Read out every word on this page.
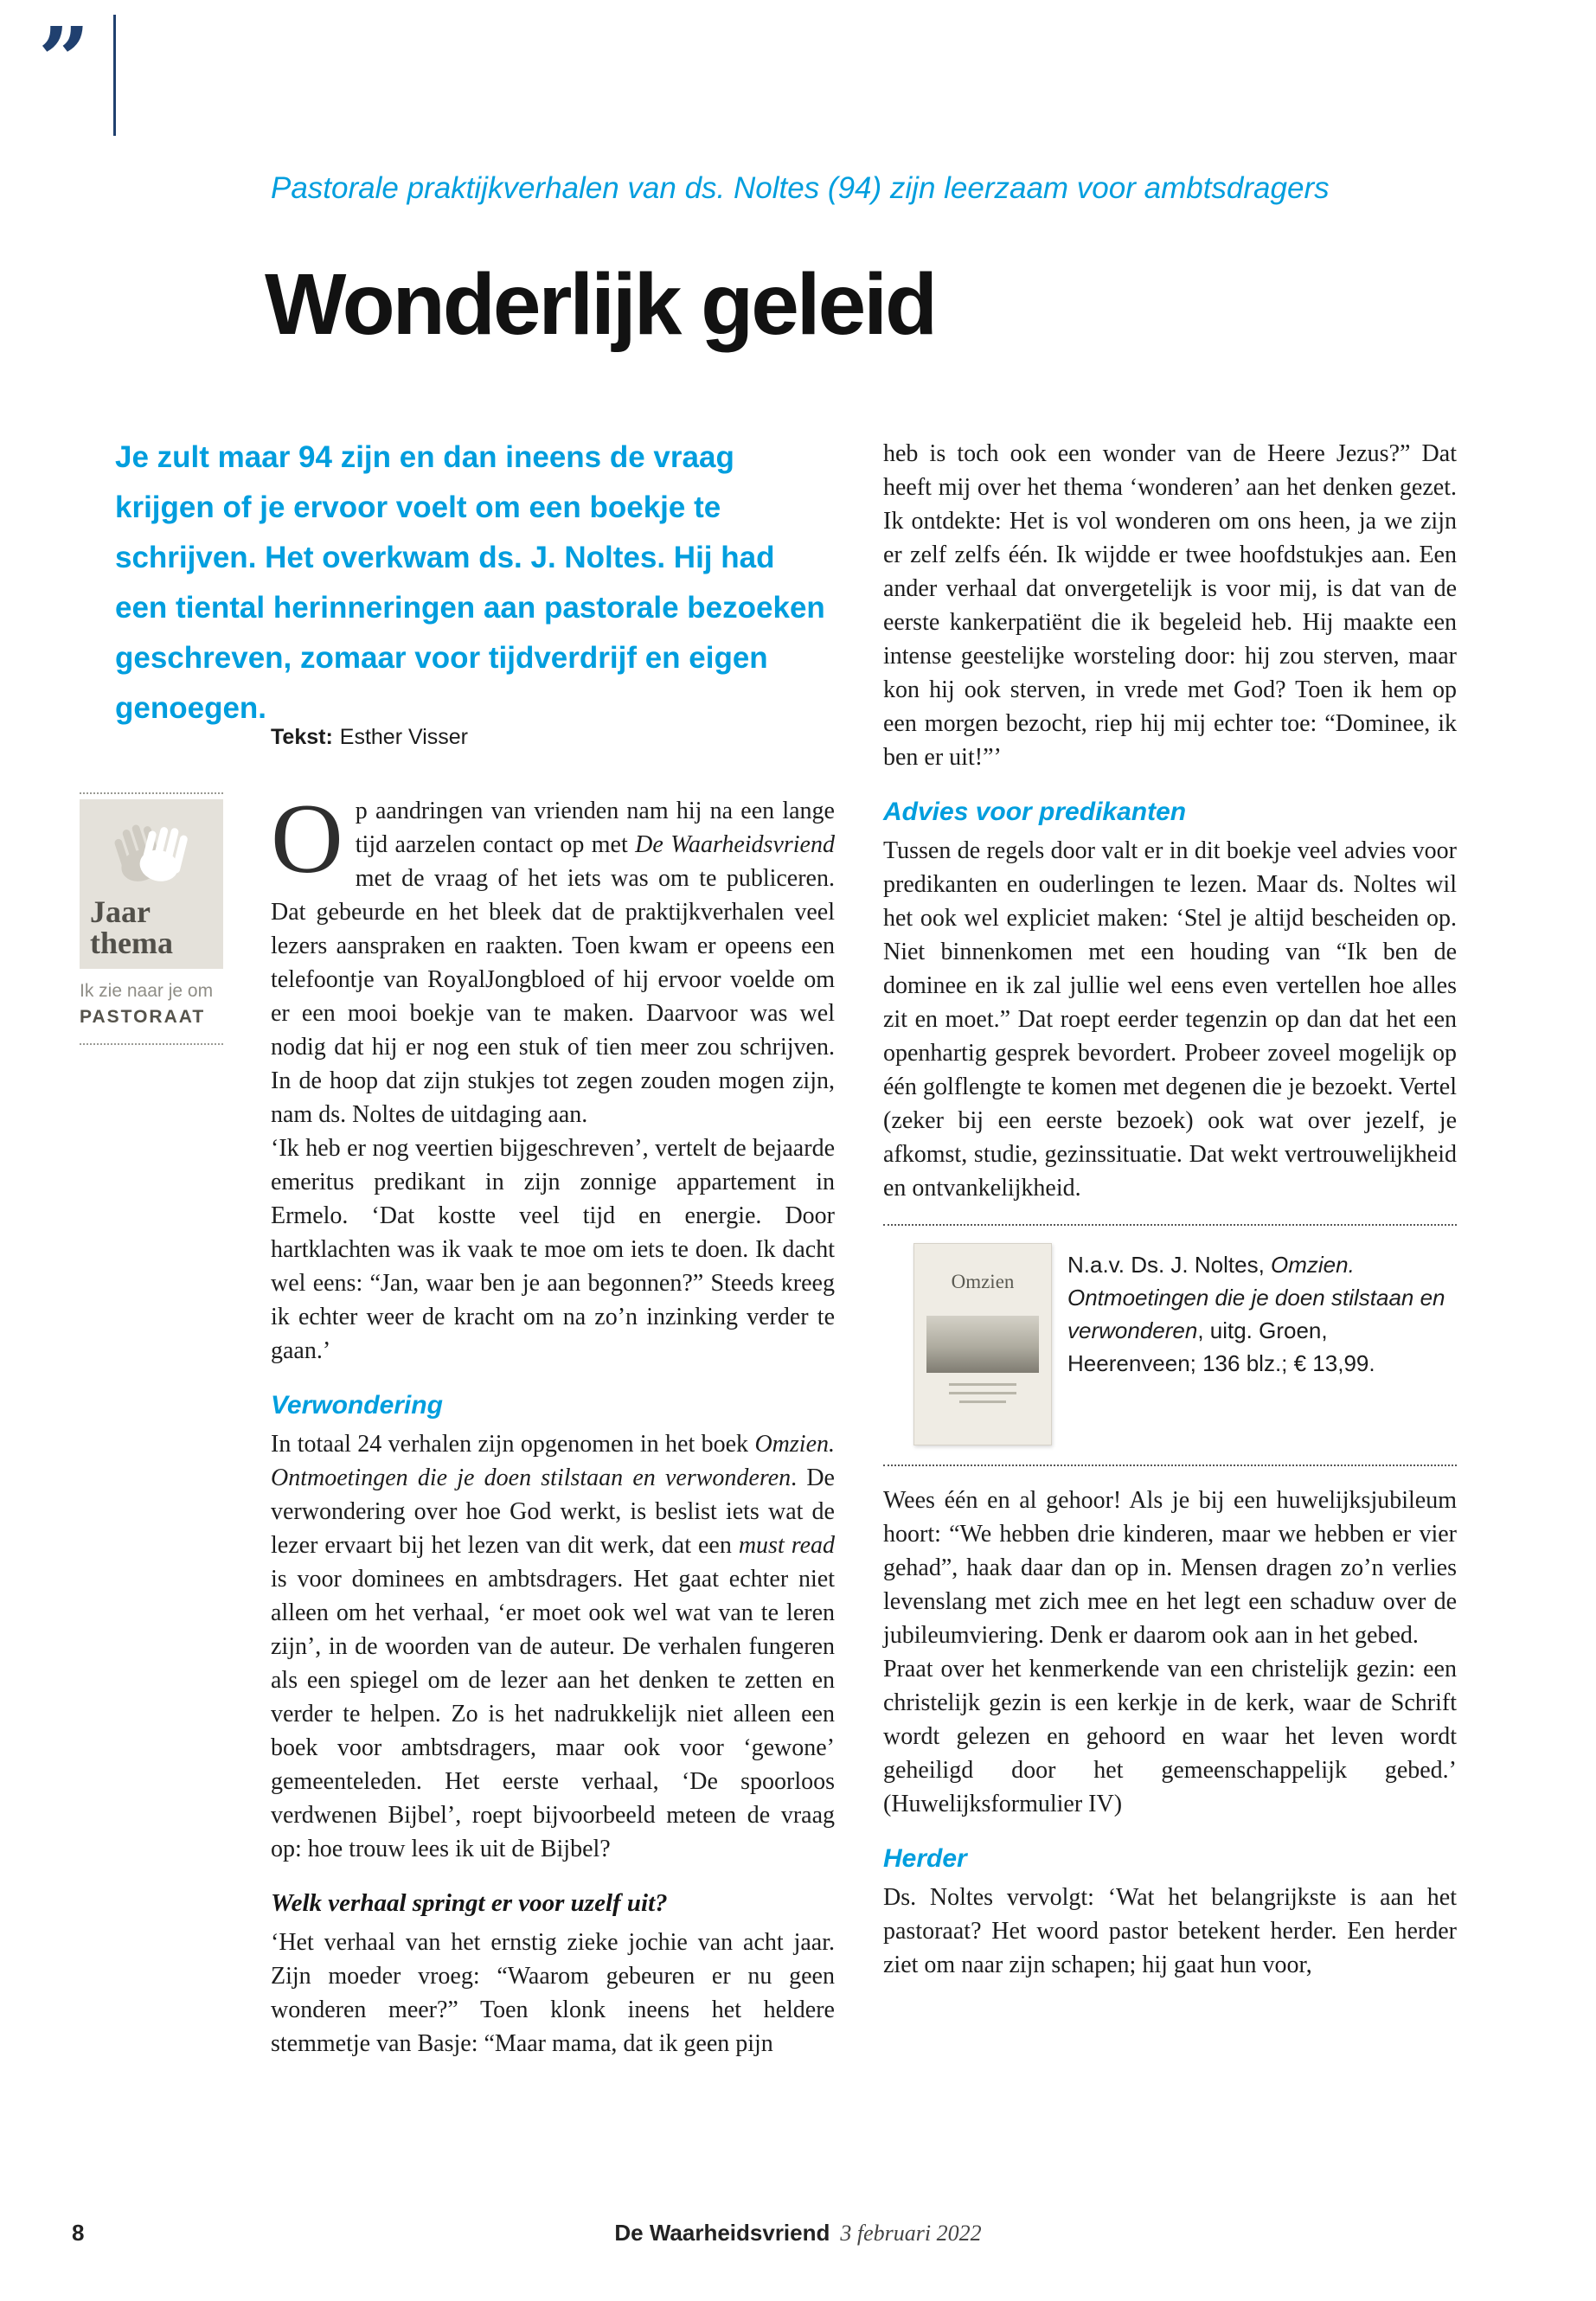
”
Pastorale praktijkverhalen van ds. Noltes (94) zijn leerzaam voor ambtsdragers
Wonderlijk geleid

Je zult maar 94 zijn en dan ineens de vraag krijgen of je ervoor voelt om een boekje te schrijven. Het overkwam ds. J. Noltes. Hij had een tiental herinneringen aan pastorale bezoeken geschreven, zomaar voor tijdverdrijf en eigen genoegen.

Tekst: Esther Visser

Jaar
thema
Ik zie naar je om
PASTORAAT

Op aandringen van vrienden nam hij na een lange tijd aarzelen contact op met De Waarheidsvriend met de vraag of het iets was om te publiceren. Dat gebeurde en het bleek dat de praktijkverhalen veel lezers aanspraken en raakten. Toen kwam er opeens een telefoontje van RoyalJongbloed of hij ervoor voelde om er een mooi boekje van te maken. Daarvoor was wel nodig dat hij er nog een stuk of tien meer zou schrijven. In de hoop dat zijn stukjes tot zegen zouden mogen zijn, nam ds. Noltes de uitdaging aan.

‘Ik heb er nog veertien bijgeschreven’, vertelt de bejaarde emeritus predikant in zijn zonnige appartement in Ermelo. ‘Dat kostte veel tijd en energie. Door hartklachten was ik vaak te moe om iets te doen. Ik dacht wel eens: “Jan, waar ben je aan begonnen?” Steeds kreeg ik echter weer de kracht om na zo’n inzinking verder te gaan.’

Verwondering

In totaal 24 verhalen zijn opgenomen in het boek Omzien. Ontmoetingen die je doen stilstaan en verwonderen. De verwondering over hoe God werkt, is beslist iets wat de lezer ervaart bij het lezen van dit werk, dat een must read is voor dominees en ambtsdragers. Het gaat echter niet alleen om het verhaal, ‘er moet ook wel wat van te leren zijn’, in de woorden van de auteur. De verhalen fungeren als een spiegel om de lezer aan het denken te zetten en verder te helpen. Zo is het nadrukkelijk niet alleen een boek voor ambtsdragers, maar ook voor ‘gewone’ gemeenteleden. Het eerste verhaal, ‘De spoorloos verdwenen Bijbel’, roept bijvoorbeeld meteen de vraag op: hoe trouw lees ik uit de Bijbel?

Welk verhaal springt er voor uzelf uit?

‘Het verhaal van het ernstig zieke jochie van acht jaar. Zijn moeder vroeg: “Waarom gebeuren er nu geen wonderen meer?” Toen klonk ineens het heldere stemmetje van Basje: “Maar mama, dat ik geen pijn

heb is toch ook een wonder van de Heere Jezus?” Dat heeft mij over het thema ‘wonderen’ aan het denken gezet. Ik ontdekte: Het is vol wonderen om ons heen, ja we zijn er zelf zelfs één. Ik wijdde er twee hoofdstukjes aan. Een ander verhaal dat onvergetelijk is voor mij, is dat van de eerste kankerpatiënt die ik begeleid heb. Hij maakte een intense geestelijke worsteling door: hij zou sterven, maar kon hij ook sterven, in vrede met God? Toen ik hem op een morgen bezocht, riep hij mij echter toe: “Dominee, ik ben er uit!”’

Advies voor predikanten

Tussen de regels door valt er in dit boekje veel advies voor predikanten en ouderlingen te lezen. Maar ds. Noltes wil het ook wel expliciet maken: ‘Stel je altijd bescheiden op. Niet binnenkomen met een houding van “Ik ben de dominee en ik zal jullie wel eens even vertellen hoe alles zit en moet.” Dat roept eerder tegenzin op dan dat het een openhartig gesprek bevordert. Probeer zoveel mogelijk op één golflengte te komen met degenen die je bezoekt. Vertel (zeker bij een eerste bezoek) ook wat over jezelf, je afkomst, studie, gezinssituatie. Dat wekt vertrouwelijkheid en ontvankelijkheid.

Omzien

N.a.v. Ds. J. Noltes, Omzien. Ontmoetingen die je doen stilstaan en verwonderen, uitg. Groen, Heerenveen; 136 blz.; € 13,99.

Wees één en al gehoor! Als je bij een huwelijksjubileum hoort: “We hebben drie kinderen, maar we hebben er vier gehad”, haak daar dan op in. Mensen dragen zo’n verlies levenslang met zich mee en het legt een schaduw over de jubileumviering. Denk er daarom ook aan in het gebed.

Praat over het kenmerkende van een christelijk gezin: een christelijk gezin is een kerkje in de kerk, waar de Schrift wordt gelezen en gehoord en waar het leven wordt geheiligd door het gemeenschappelijk gebed.’ (Huwelijksformulier IV)

Herder

Ds. Noltes vervolgt: ‘Wat het belangrijkste is aan het pastoraat? Het woord pastor betekent herder. Een herder ziet om naar zijn schapen; hij gaat hun voor,

8	De Waarheidsvriend 3 februari 2022
